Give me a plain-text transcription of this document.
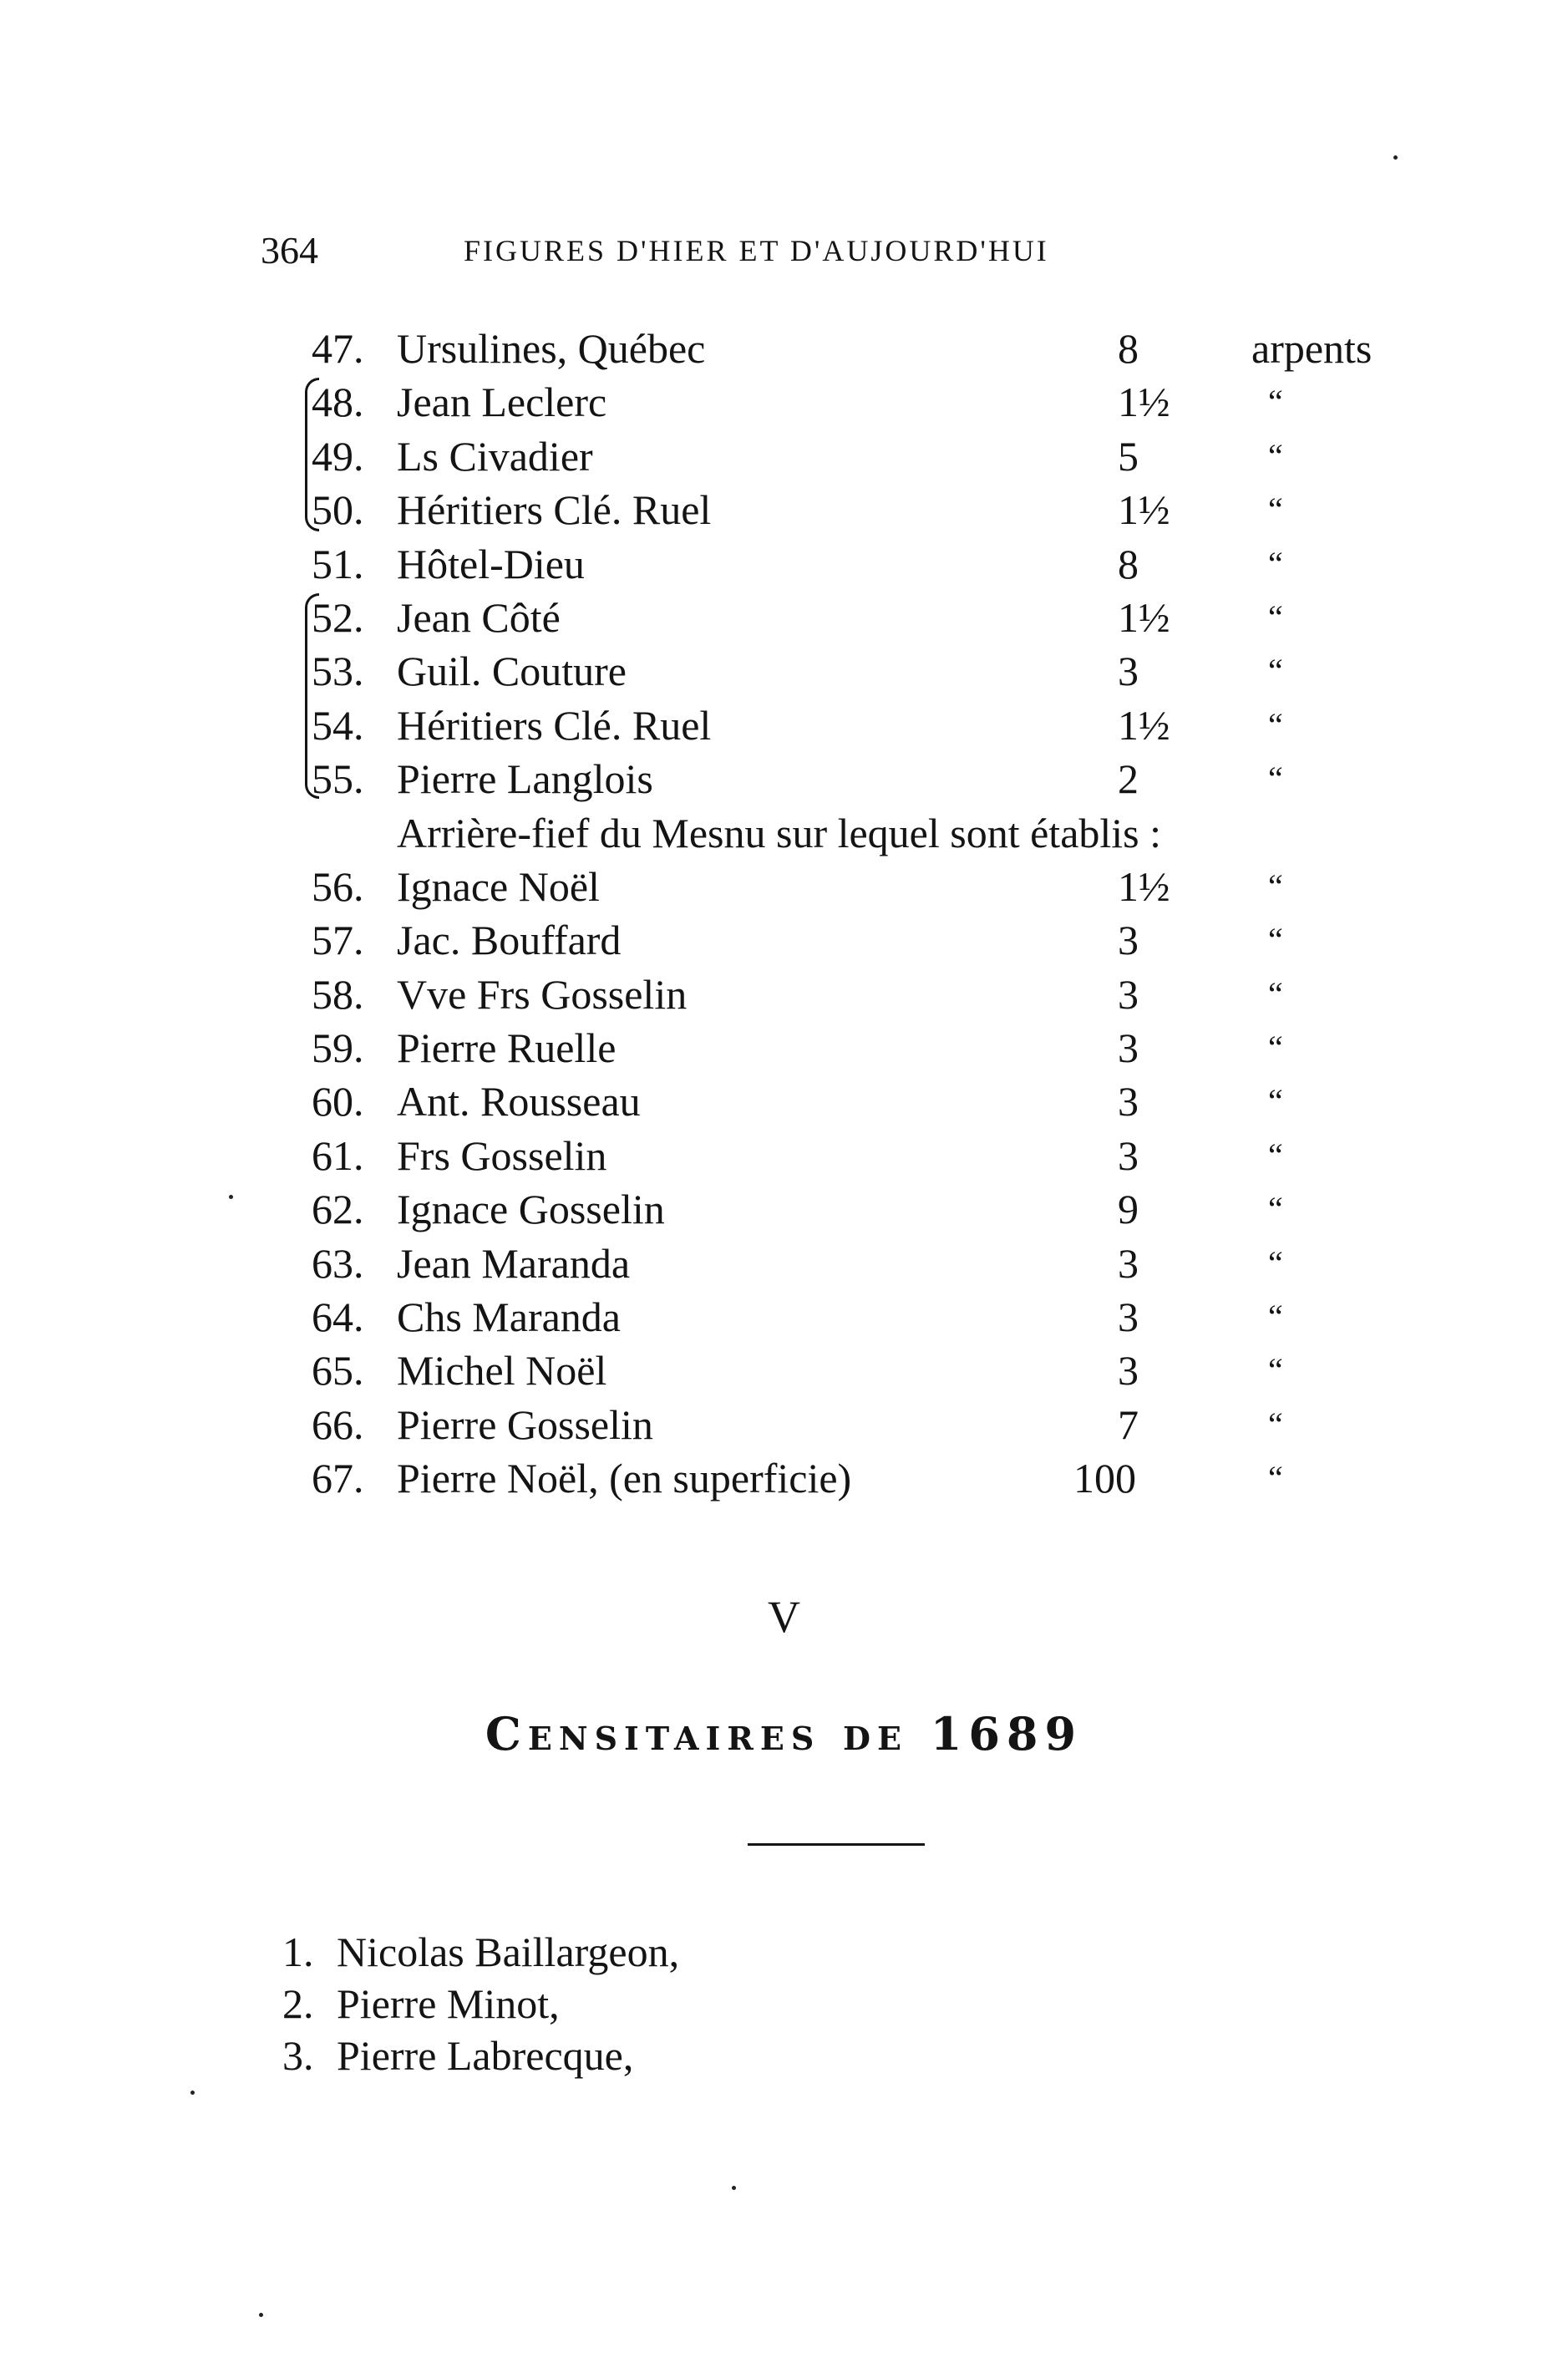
364	FIGURES D'HIER ET D'AUJOURD'HUI
47. Ursulines, Québec	8	arpents
48. Jean Leclerc	1½	“
49. Ls Civadier	5	“
50. Héritiers Clé. Ruel	1½	“
51. Hôtel-Dieu	8	“
52. Jean Côté	1½	“
53. Guil. Couture	3	“
54. Héritiers Clé. Ruel	1½	“
55. Pierre Langlois	2	“
Arrière-fief du Mesnu sur lequel sont établis :
56. Ignace Noël	1½	“
57. Jac. Bouffard	3	“
58. Vve Frs Gosselin	3	“
59. Pierre Ruelle	3	“
60. Ant. Rousseau	3	“
61. Frs Gosselin	3	“
62. Ignace Gosselin	9	“
63. Jean Maranda	3	“
64. Chs Maranda	3	“
65. Michel Noël	3	“
66. Pierre Gosselin	7	“
67. Pierre Noël, (en superficie)	100	“
V
Censitaires de 1689
1. Nicolas Baillargeon,
2. Pierre Minot,
3. Pierre Labrecque,
